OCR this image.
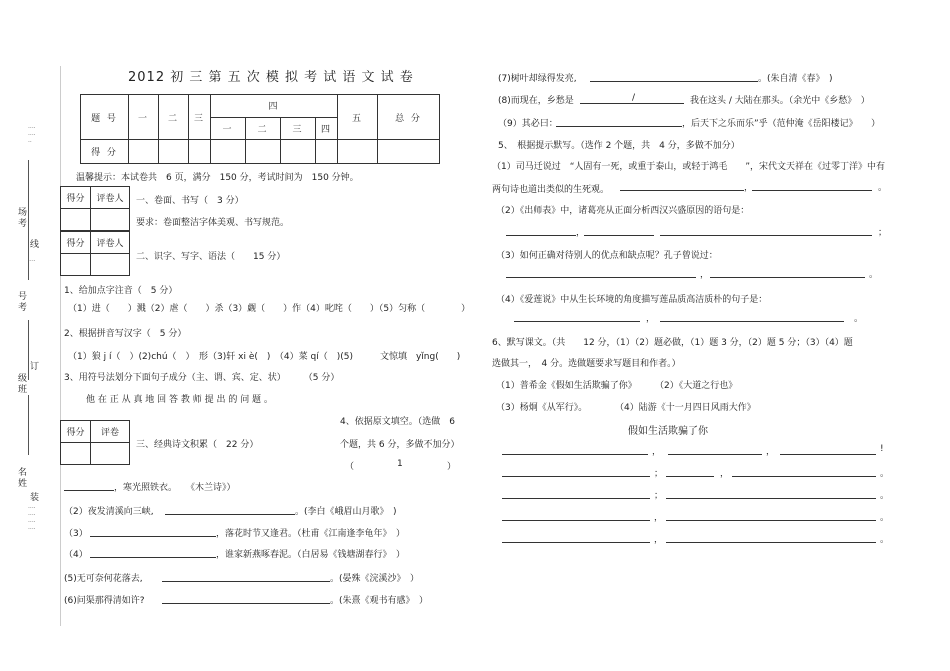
··········
场考
线
····
号考
订
级班
名姓
装
················
2012 初 三 第 五 次 模 拟 考 试 语 文 试 卷
题 号	一	二	三	四				五	总 分
				一	二	三	四		
得 分									
温馨提示：本试卷共　6 页，满分　150 分，考试时间为　150 分钟。
得分	评卷人

得分	评卷人

一、卷面、书写（　3 分）
要求：卷面整洁字体美观、书写规范。
二、识字、写字、语法（　　15 分）
1、给加点字注音（　5 分）
（1）进（　　）溅（2）虐（　　）杀（3）觑（　　）作（4）叱咤（　　）（5）匀称（　　　　）
2、根据拼音写汉字（　5 分）
（1）狼 j í（　）(2)chú（　）　形（3)轩 xi è(　)　（4）菜 qí（　)(5)　　　文惊填　yǐng(　　)
3、用符号法划分下面句子成分（主、谓、宾、定、状）　　　（5 分）
他 在 正 从 真 地 回 答 教 师 提 出 的 问 题 。
得分	评卷

4、依据原文填空。（选做　6
三、经典诗文积累（　22 分）	个题，共 6 分，多做不加分）
（	1	）
，寒光照铁衣。　　《木兰诗》）
（2）夜发清溪向三峡,	。(李白《峨眉山月歌》　)
（3）	，落花时节又逢君。（杜甫《江南逢李龟年》　）
（4）	，谁家新燕啄春泥。（白居易《钱塘湖春行》　）
(5)无可奈何花落去,	。(晏殊《浣溪沙》　）
(6)问渠那得清如许?	。(朱熹《观书有感》　）
(7)树叶却绿得发亮,	。(朱自清《春》　)
(8)而现在，乡愁是	/	我在这头 / 大陆在那头。（余光中《乡愁》　）
（9）其必曰：	，后天下之乐而乐”乎（范仲淹《岳阳楼记》　　）
5、　根据提示默写。（选作 2 个题，共　4 分，多做不加分）
（1）司马迁说过　“人固有一死，或重于泰山，或轻于鸿毛　　”，宋代文天祥在《过零丁洋》中有
两句诗也道出类似的生死观。	，	。
（2）《出师表》中，诸葛亮从正面分析西汉兴盛原因的语句是：
，	；
（3）如何正确对待别人的优点和缺点呢？孔子曾说过：
，	。
（4）《爱莲说》中从生长环境的角度描写莲品质高洁质朴的句子是：
，	。
6、默写课文。（共　　12 分，（1）（2）题必做，（1）题 3 分，（2）题 5 分；（3）（4）题
选做其一，　4 分。选做题要求写题目和作者。）
（1）普希金《假如生活欺骗了你》 （2）《大道之行也》
（3）杨炯《从军行》。	（4）陆游《十一月四日风雨大作》
假如生活欺骗了你
，	，	!
；	，	。
；	。
，	。
，	。
